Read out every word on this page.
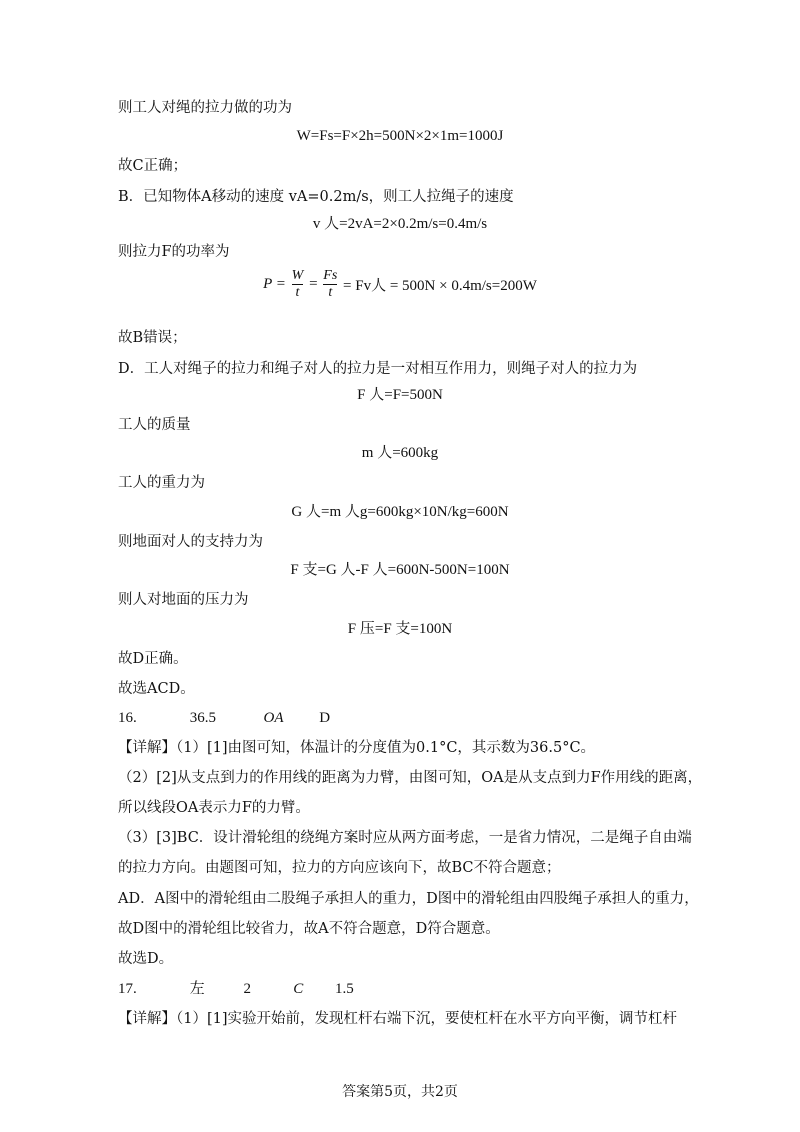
则工人对绳的拉力做的功为
W=Fs=F×2h=500N×2×1m=1000J
故C正确；
B．已知物体A移动的速度 vA=0.2m/s，则工人拉绳子的速度
v 人=2vA=2×0.2m/s=0.4m/s
则拉力F的功率为
$P = \frac{W}{t} = \frac{Fs}{t} = Fv$人 = 500N × 0.4m/s=200W
故B错误；
D．工人对绳子的拉力和绳子对人的拉力是一对相互作用力，则绳子对人的拉力为
F 人=F=500N
工人的质量
m 人=600kg
工人的重力为
G 人=m 人g=600kg×10N/kg=600N
则地面对人的支持力为
F 支=G 人-F 人=600N-500N=100N
则人对地面的压力为
F 压=F 支=100N
故D正确。
故选ACD。
16.	36.5	OA D
【详解】（1）[1]由图可知，体温计的分度值为0.1°C，其示数为36.5°C。
（2）[2]从支点到力的作用线的距离为力臂，由图可知，OA是从支点到力F作用线的距离，
所以线段OA表示力F的力臂。
（3）[3]BC．设计滑轮组的绕绳方案时应从两方面考虑，一是省力情况，二是绳子自由端
的拉力方向。由题图可知，拉力的方向应该向下，故BC不符合题意；
AD．A图中的滑轮组由二股绳子承担人的重力，D图中的滑轮组由四股绳子承担人的重力，
故D图中的滑轮组比较省力，故A不符合题意，D符合题意。
故选D。
17.	左	2	C 1.5
【详解】（1）[1]实验开始前，发现杠杆右端下沉，要使杠杆在水平方向平衡，调节杠杆
答案第5页，共2页
